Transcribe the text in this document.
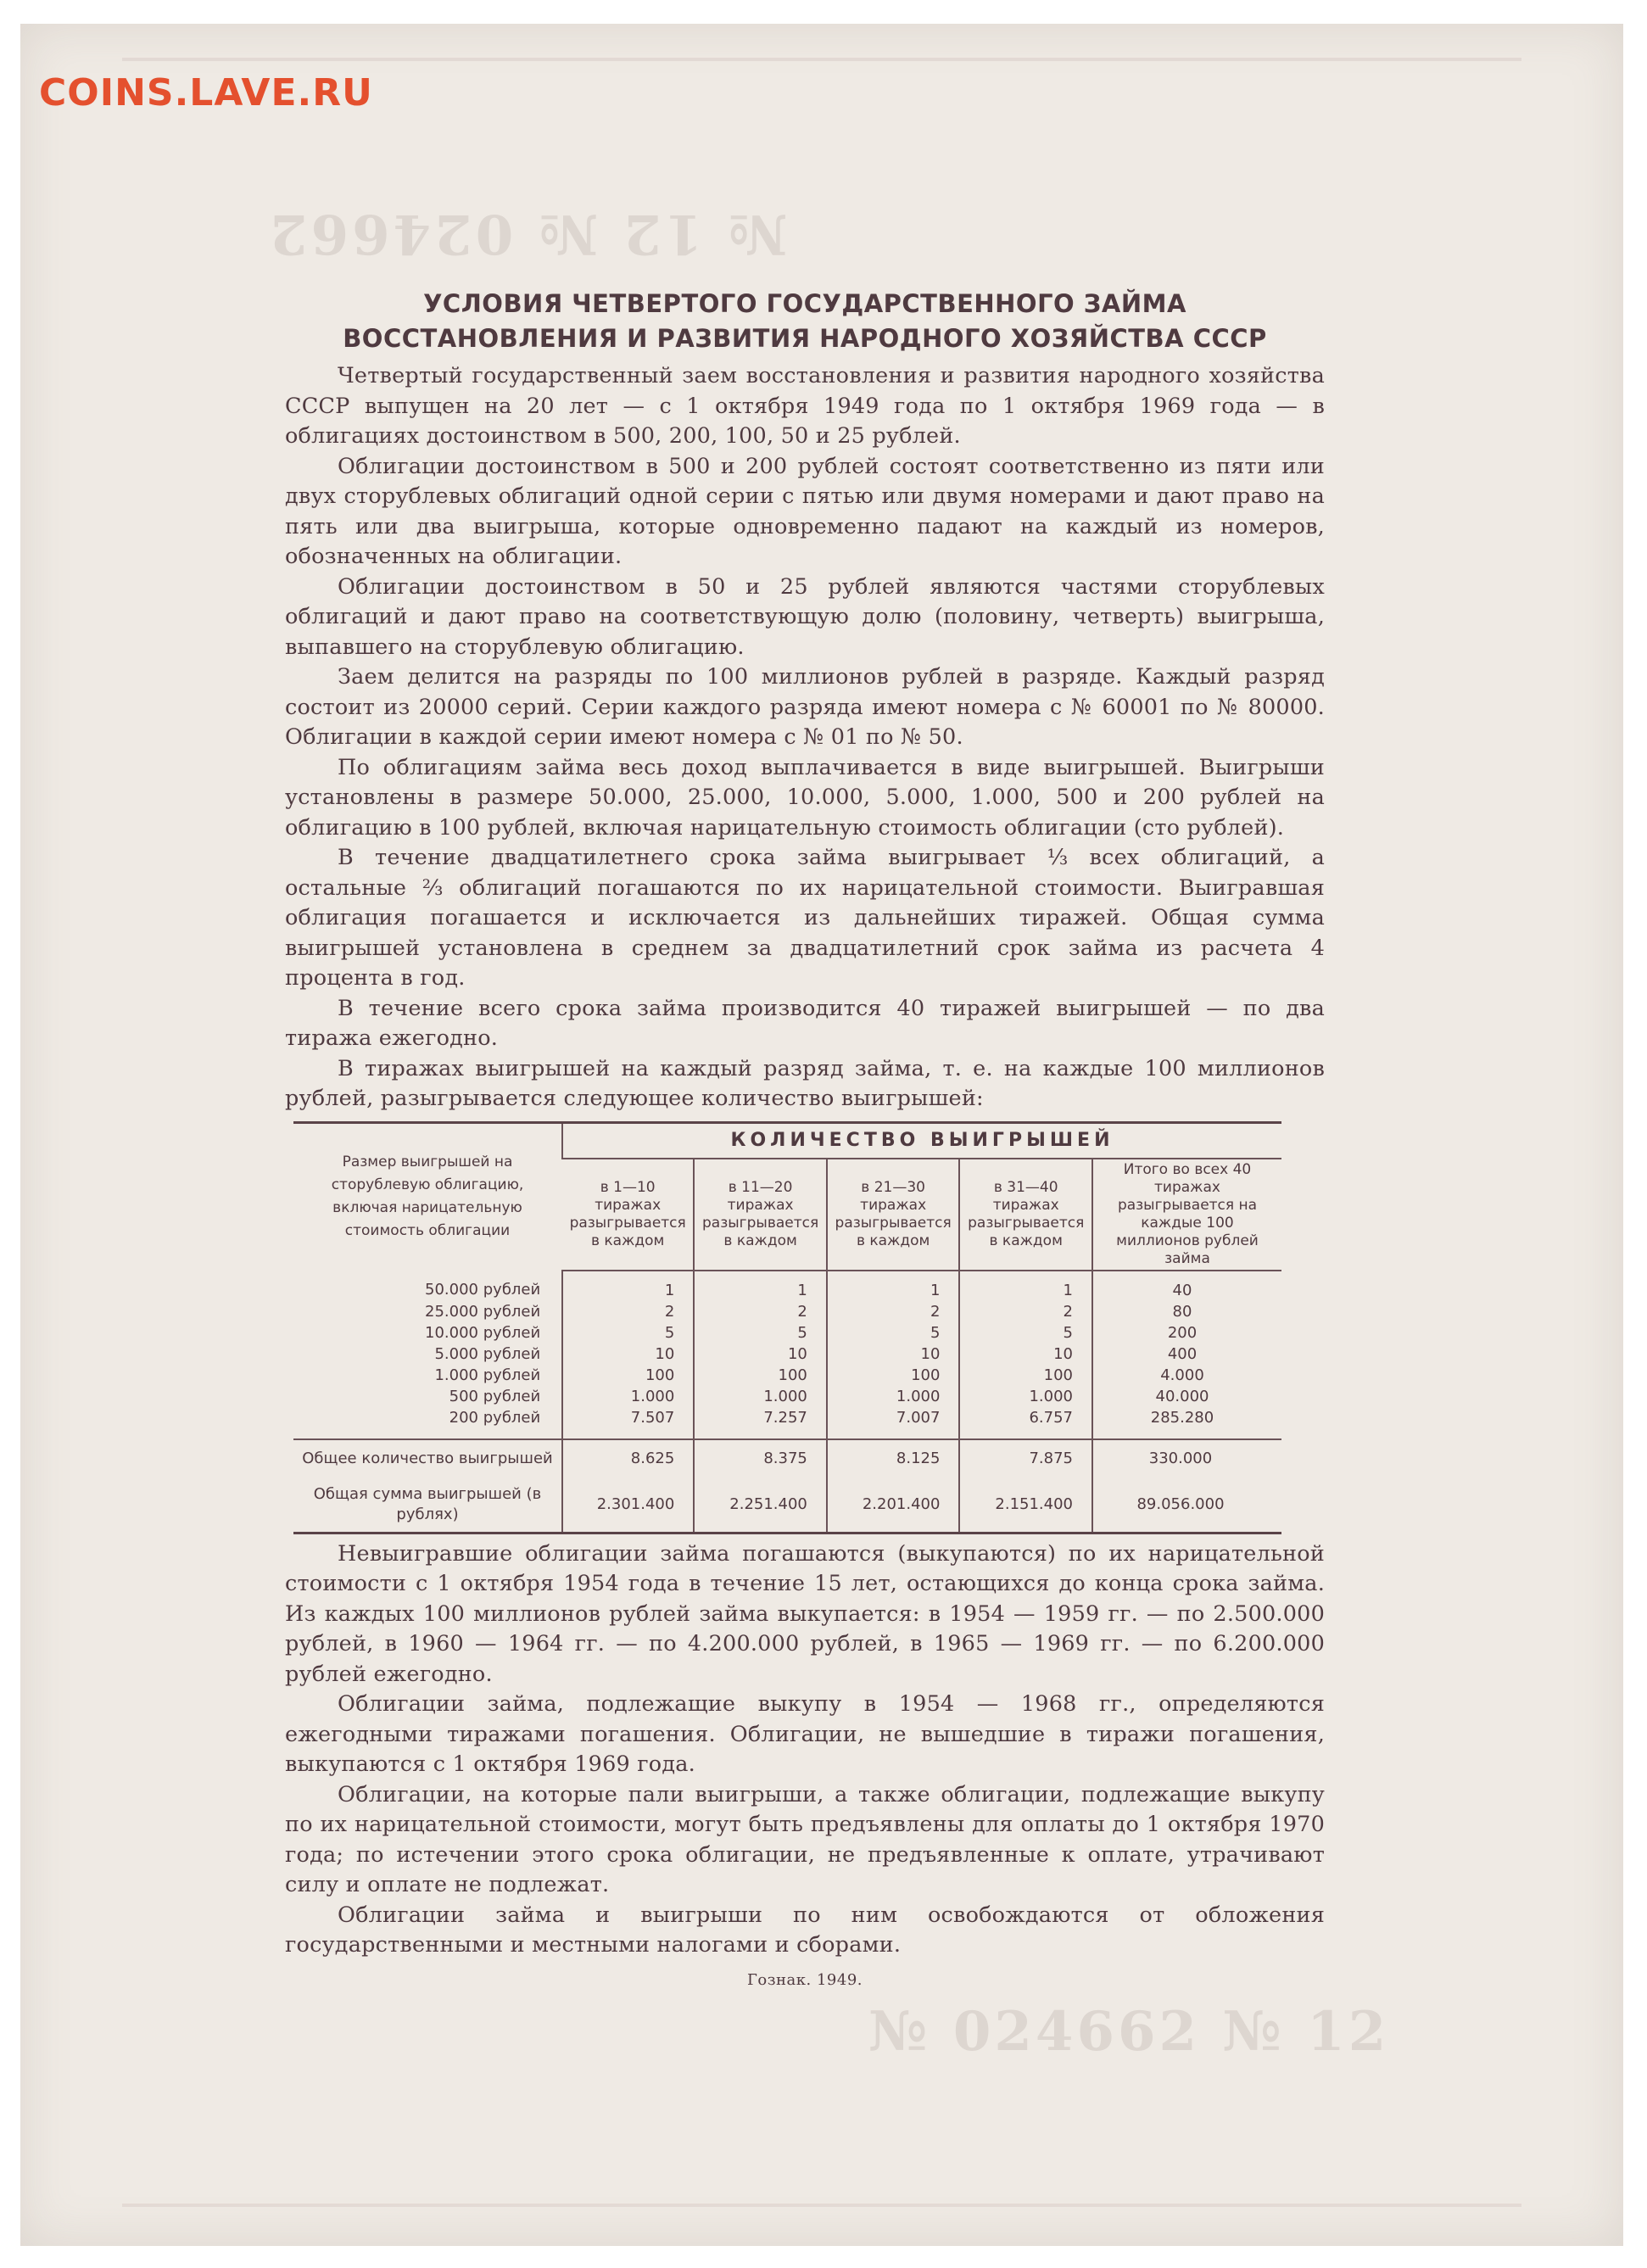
№ 12 № 024662
№ 024662 № 12
COINS.LAVE.RU
УСЛОВИЯ ЧЕТВЕРТОГО ГОСУДАРСТВЕННОГО ЗАЙМА
ВОССТАНОВЛЕНИЯ И РАЗВИТИЯ НАРОДНОГО ХОЗЯЙСТВА СССР

Четвертый государственный заем восстановления и развития народного хозяйства СССР выпущен на 20 лет — с 1 октября 1949 года по 1 октября 1969 года — в облигациях достоинством в 500, 200, 100, 50 и 25 рублей.

Облигации достоинством в 500 и 200 рублей состоят соответственно из пяти или двух сторублевых облигаций одной серии с пятью или двумя номерами и дают право на пять или два выигрыша, которые одновременно падают на каждый из номеров, обозначенных на облигации.

Облигации достоинством в 50 и 25 рублей являются частями сторублевых облигаций и дают право на соответствующую долю (половину, четверть) выигрыша, выпавшего на сторублевую облигацию.

Заем делится на разряды по 100 миллионов рублей в разряде. Каждый разряд состоит из 20000 серий. Серии каждого разряда имеют номера с № 60001 по № 80000. Облигации в каждой серии имеют номера с № 01 по № 50.

По облигациям займа весь доход выплачивается в виде выигрышей. Выигрыши установлены в размере 50.000, 25.000, 10.000, 5.000, 1.000, 500 и 200 рублей на облигацию в 100 рублей, включая нарицательную стоимость облигации (сто рублей).

В течение двадцатилетнего срока займа выигрывает ⅓ всех облигаций, а остальные ⅔ облигаций погашаются по их нарицательной стоимости. Выигравшая облигация погашается и исключается из дальнейших тиражей. Общая сумма выигрышей установлена в среднем за двадцатилетний срок займа из расчета 4 процента в год.

В течение всего срока займа производится 40 тиражей выигрышей — по два тиража ежегодно.

В тиражах выигрышей на каждый разряд займа, т. е. на каждые 100 миллионов рублей, разыгрывается следующее количество выигрышей:

Размер выигрышей на сторублевую облигацию, включая нарицательную стоимость облигации	КОЛИЧЕСТВО ВЫИГРЫШЕЙ				
	в 1—10 тиражах разыгрывается в каждом	в 11—20 тиражах разыгрывается в каждом	в 21—30 тиражах разыгрывается в каждом	в 31—40 тиражах разыгрывается в каждом	Итого во всех 40 тиражах разыгрывается на каждые 100 миллионов рублей займа
50.000 рублей	1	1	1	1	40
25.000 рублей	2	2	2	2	80
10.000 рублей	5	5	5	5	200
5.000 рублей	10	10	10	10	400
1.000 рублей	100	100	100	100	4.000
500 рублей	1.000	1.000	1.000	1.000	40.000
200 рублей	7.507	7.257	7.007	6.757	285.280
Общее количество выигрышей	8.625	8.375	8.125	7.875	330.000
Общая сумма выигрышей (в рублях)	2.301.400	2.251.400	2.201.400	2.151.400	89.056.000

Невыигравшие облигации займа погашаются (выкупаются) по их нарицательной стоимости с 1 октября 1954 года в течение 15 лет, остающихся до конца срока займа. Из каждых 100 миллионов рублей займа выкупается: в 1954 — 1959 гг. — по 2.500.000 рублей, в 1960 — 1964 гг. — по 4.200.000 рублей, в 1965 — 1969 гг. — по 6.200.000 рублей ежегодно.

Облигации займа, подлежащие выкупу в 1954 — 1968 гг., определяются ежегодными тиражами погашения. Облигации, не вышедшие в тиражи погашения, выкупаются с 1 октября 1969 года.

Облигации, на которые пали выигрыши, а также облигации, подлежащие выкупу по их нарицательной стоимости, могут быть предъявлены для оплаты до 1 октября 1970 года; по истечении этого срока облигации, не предъявленные к оплате, утрачивают силу и оплате не подлежат.

Облигации займа и выигрыши по ним освобождаются от обложения государственными и местными налогами и сборами.

Гознак. 1949.
